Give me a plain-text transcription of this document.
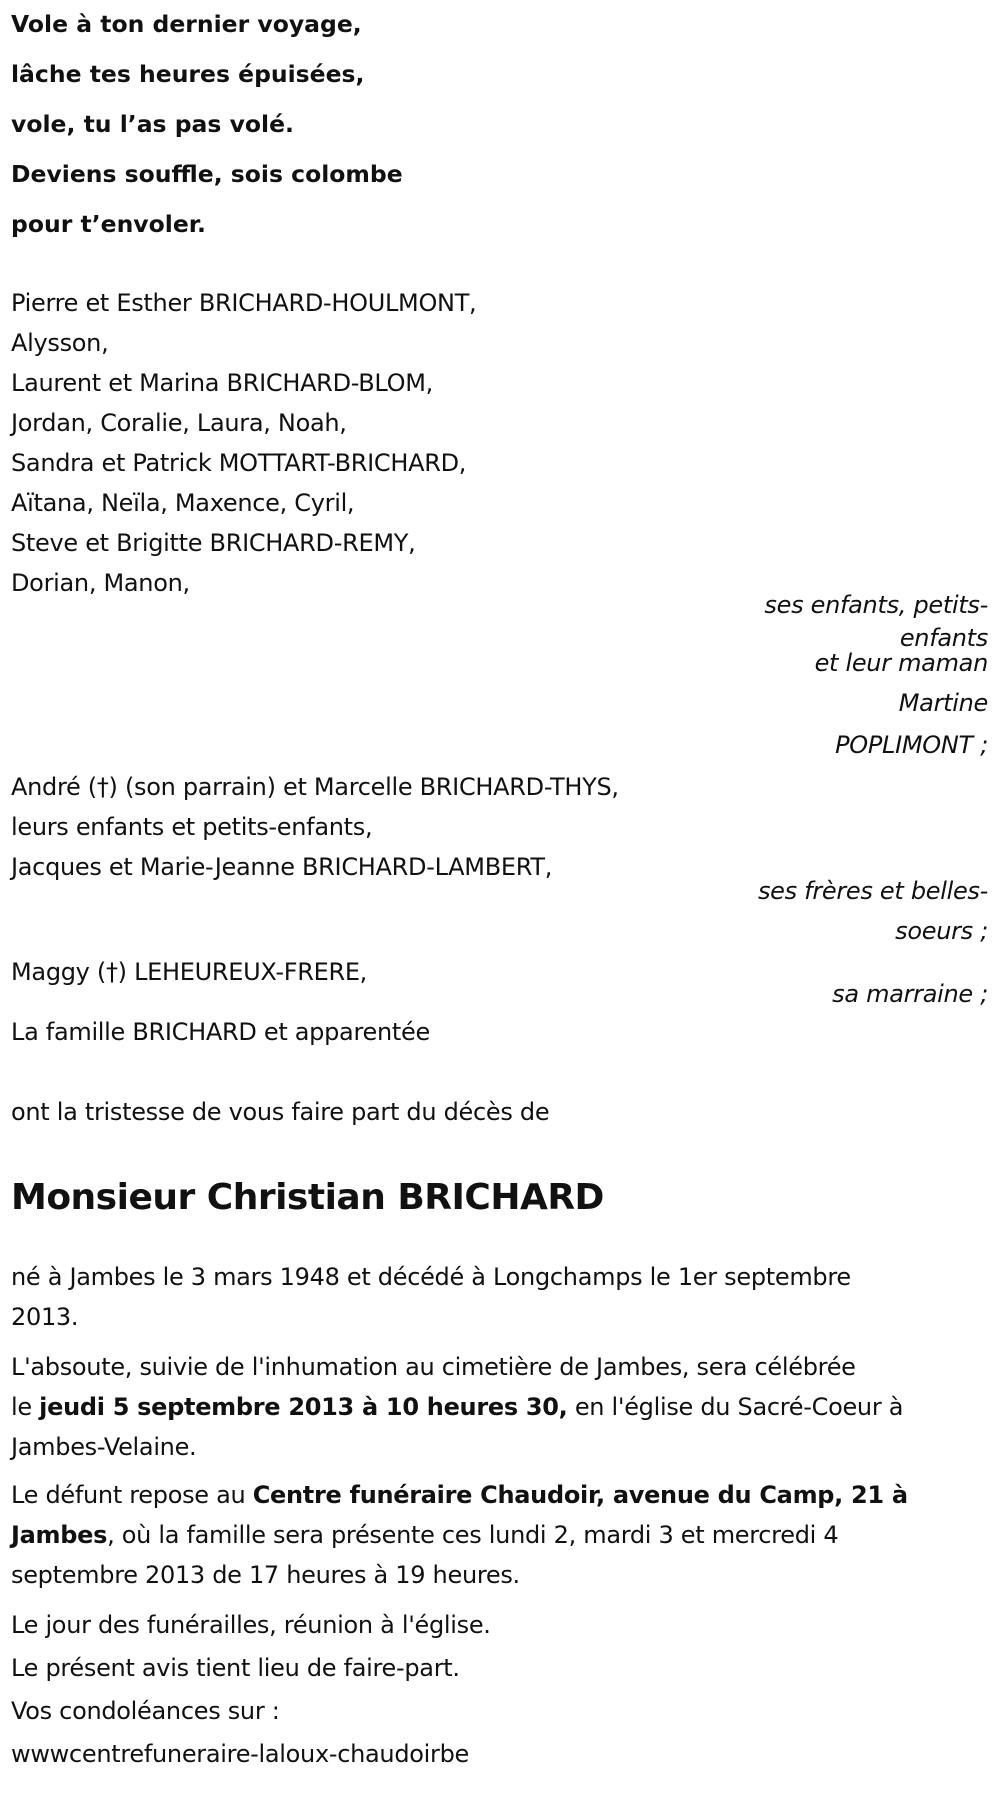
Vole à ton dernier voyage,
lâche tes heures épuisées,
vole, tu l’as pas volé.
Deviens souffle, sois colombe
pour t’envoler.
Pierre et Esther BRICHARD-HOULMONT,
Alysson,
Laurent et Marina BRICHARD-BLOM,
Jordan, Coralie, Laura, Noah,
Sandra et Patrick MOTTART-BRICHARD,
Aïtana, Neïla, Maxence, Cyril,
Steve et Brigitte BRICHARD-REMY,
Dorian, Manon,
ses enfants, petits-
enfants
et leur maman
Martine
POPLIMONT ;
André (†) (son parrain) et Marcelle BRICHARD-THYS,
leurs enfants et petits-enfants,
Jacques et Marie-Jeanne BRICHARD-LAMBERT,
ses frères et belles-
soeurs ;
Maggy (†) LEHEUREUX-FRERE,
sa marraine ;
La famille BRICHARD et apparentée
ont la tristesse de vous faire part du décès de
Monsieur Christian BRICHARD
né à Jambes le 3 mars 1948 et décédé à Longchamps le 1er septembre
2013.
L'absoute, suivie de l'inhumation au cimetière de Jambes, sera célébrée
le jeudi 5 septembre 2013 à 10 heures 30, en l'église du Sacré-Coeur à
Jambes-Velaine.
Le défunt repose au Centre funéraire Chaudoir, avenue du Camp, 21 à
Jambes, où la famille sera présente ces lundi 2, mardi 3 et mercredi 4
septembre 2013 de 17 heures à 19 heures.
Le jour des funérailles, réunion à l'église.
Le présent avis tient lieu de faire-part.
Vos condoléances sur :
wwwcentrefuneraire-laloux-chaudoirbe
